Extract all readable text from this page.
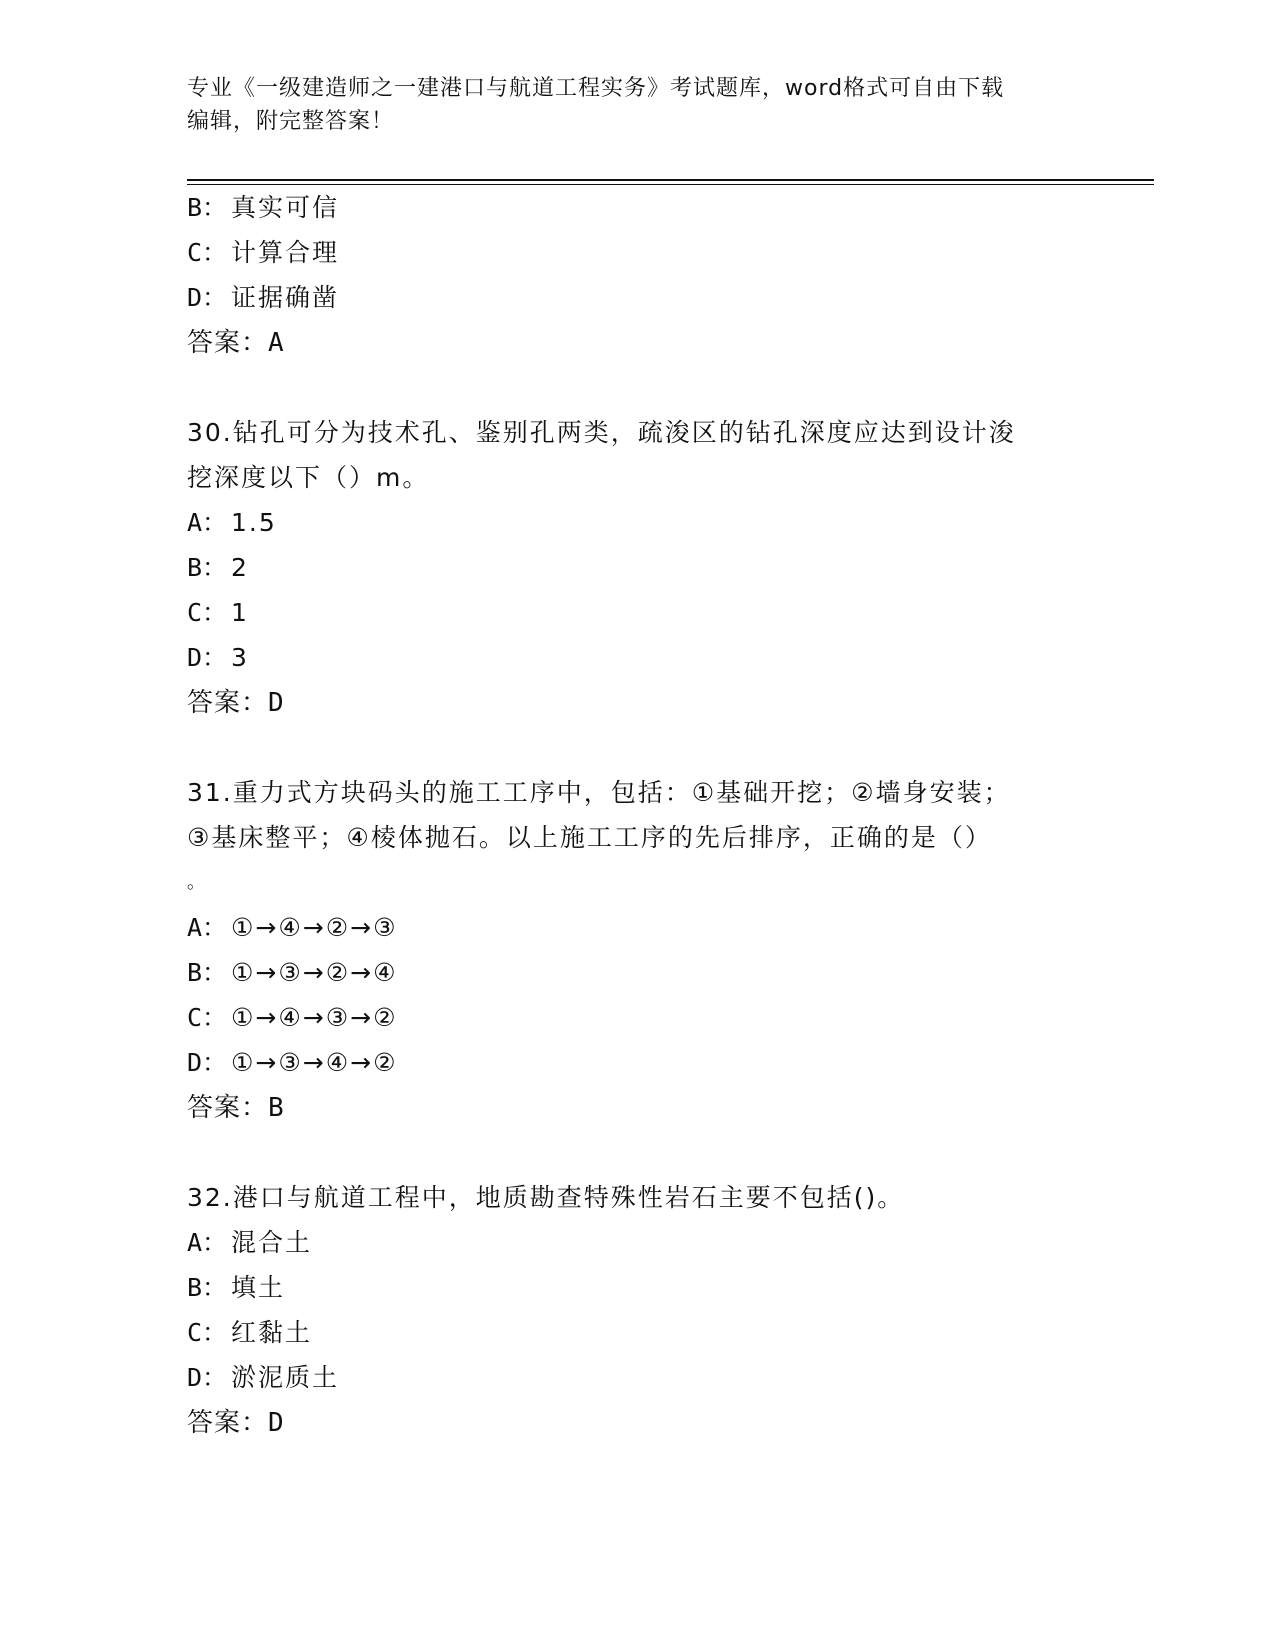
专业《一级建造师之一建港口与航道工程实务》考试题库，word格式可自由下载
编辑，附完整答案！
B： 真实可信
C： 计算合理
D： 证据确凿
答案：A
30.钻孔可分为技术孔、鉴别孔两类，疏浚区的钻孔深度应达到设计浚
挖深度以下（）m。
A： 1.5
B： 2
C： 1
D： 3
答案：D
31.重力式方块码头的施工工序中，包括：①基础开挖；②墙身安装；
③基床整平；④棱体抛石。以上施工工序的先后排序，正确的是（）
。
A： ①→④→②→③
B： ①→③→②→④
C： ①→④→③→②
D： ①→③→④→②
答案：B
32.港口与航道工程中，地质勘查特殊性岩石主要不包括()。
A： 混合土
B： 填土
C： 红黏土
D： 淤泥质土
答案：D
